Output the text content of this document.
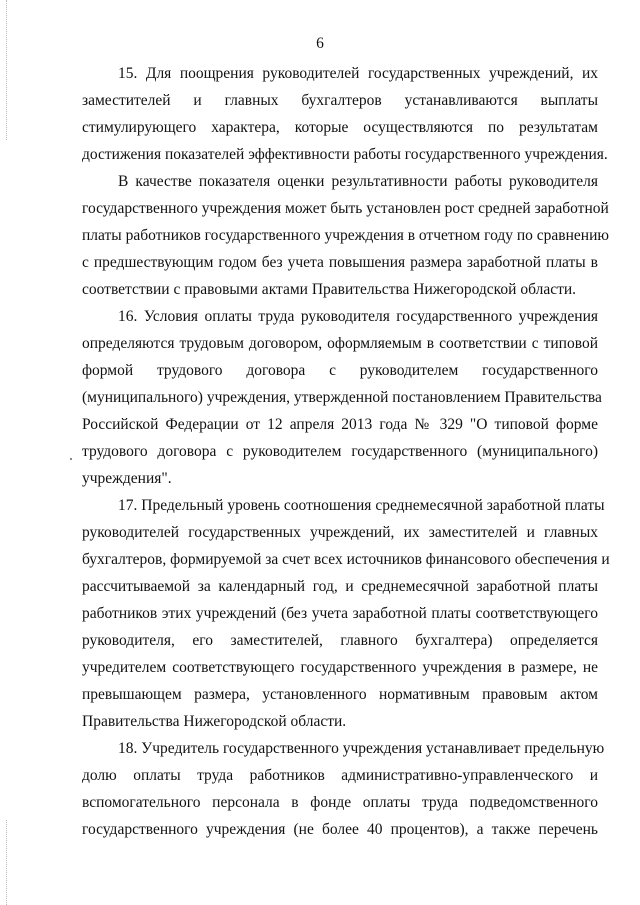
6

15. Для поощрения руководителей государственных учреждений, их
заместителей и главных бухгалтеров устанавливаются выплаты
стимулирующего характера, которые осуществляются по результатам
достижения показателей эффективности работы государственного учреждения.

В качестве показателя оценки результативности работы руководителя
государственного учреждения может быть установлен рост средней заработной
платы работников государственного учреждения в отчетном году по сравнению
с предшествующим годом без учета повышения размера заработной платы в
соответствии с правовыми актами Правительства Нижегородской области.

16. Условия оплаты труда руководителя государственного учреждения
определяются трудовым договором, оформляемым в соответствии с типовой
формой трудового договора с руководителем государственного
(муниципального) учреждения, утвержденной постановлением Правительства
Российской Федерации от 12 апреля 2013 года № 329 "О типовой форме
трудового договора с руководителем государственного (муниципального)
учреждения".

17. Предельный уровень соотношения среднемесячной заработной платы
руководителей государственных учреждений, их заместителей и главных
бухгалтеров, формируемой за счет всех источников финансового обеспечения и
рассчитываемой за календарный год, и среднемесячной заработной платы
работников этих учреждений (без учета заработной платы соответствующего
руководителя, его заместителей, главного бухгалтера) определяется
учредителем соответствующего государственного учреждения в размере, не
превышающем размера, установленного нормативным правовым актом
Правительства Нижегородской области.

18. Учредитель государственного учреждения устанавливает предельную
долю оплаты труда работников административно-управленческого и
вспомогательного персонала в фонде оплаты труда подведомственного
государственного учреждения (не более 40 процентов), а также перечень
